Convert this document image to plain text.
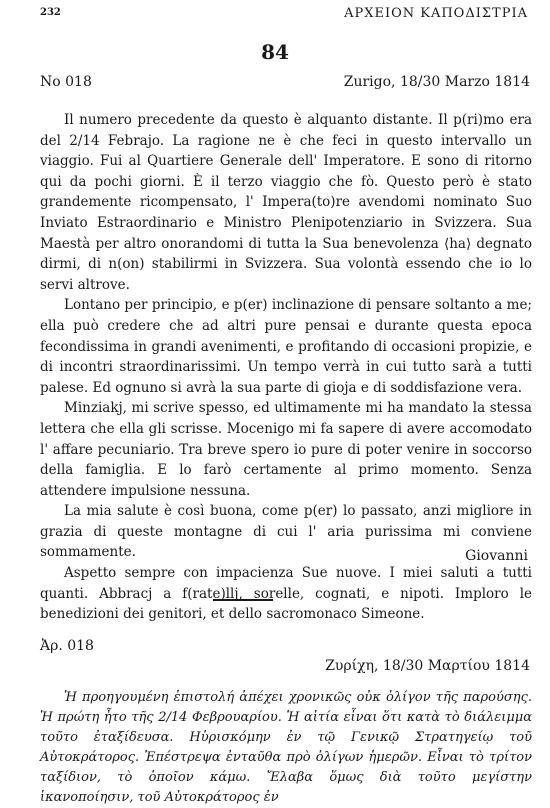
232	ΑΡΧΕΙΟΝ ΚΑΠΟΔΙΣΤΡΙΑ
84
No 018	Zurigo, 18/30 Marzo 1814

Il numero precedente da questo è alquanto distante. Il p(ri)mo era del 2/14 Febrajo. La ragione ne è che feci in questo intervallo un viaggio. Fui al Quartiere Generale dell' Imperatore. E sono di ritorno qui da pochi giorni. È il terzo viaggio che fò. Questo però è stato grandemente ricompensato, l' Impera(to)re avendomi nominato Suo Inviato Estraordinario e Ministro Plenipotenziario in Svizzera. Sua Maestà per altro onorandomi di tutta la Sua benevolenza ⟨ha⟩ degnato dirmi, di n(on) stabilirmi in Svizzera. Sua volontà essendo che io lo servi altrove.

Lontano per principio, e p(er) inclinazione di pensare soltanto a me; ella può credere che ad altri pure pensai e durante questa epoca fecondissima in grandi avenimenti, e profitando di occasioni propizie, e di incontri straordinarissimi. Un tempo verrà in cui tutto sarà a tutti palese. Ed ognuno si avrà la sua parte di gioja e di soddisfazione vera.

Minziakj, mi scrive spesso, ed ultimamente mi ha mandato la stessa lettera che ella gli scrisse. Mocenigo mi fa sapere di avere accomodato l' affare pecuniario. Tra breve spero io pure di poter venire in soccorso della famiglia. E lo farò certamente al primo momento. Senza attendere impulsione nessuna.

La mia salute è così buona, come p(er) lo passato, anzi migliore in grazia di queste montagne di cui l' aria purissima mi conviene sommamente.

Aspetto sempre con impacienza Sue nuove. I miei saluti a tutti quanti. Abbracj a f(rate)llj, sorelle, cognati, e nipoti. Imploro le benedizioni dei genitori, et dello sacromonaco Simeone.

Giovanni
Ἀρ. 018
Ζυρίχη, 18/30 Μαρτίου 1814

Ἡ προηγουμένη ἐπιστολή ἀπέχει χρονικῶς οὐκ ὀλίγον τῆς παρούσης. Ἡ πρώτη ἦτο τῆς 2/14 Φεβρουαρίου. Ἡ αἰτία εἶναι ὅτι κατὰ τὸ διάλειμμα τοῦτο ἐταξίδευσα. Ηὑρισκόμην ἐν τῷ Γενικῷ Στρατηγείῳ τοῦ Αὐτοκράτορος. Ἐπέστρεψα ἐνταῦθα πρὸ ὀλίγων ἡμερῶν. Εἶναι τὸ τρίτον ταξίδιον, τὸ ὁποῖον κάμω. Ἔλαβα ὅμως διὰ τοῦτο μεγίστην ἱκανοποίησιν, τοῦ Αὐτοκράτορος ἐν
